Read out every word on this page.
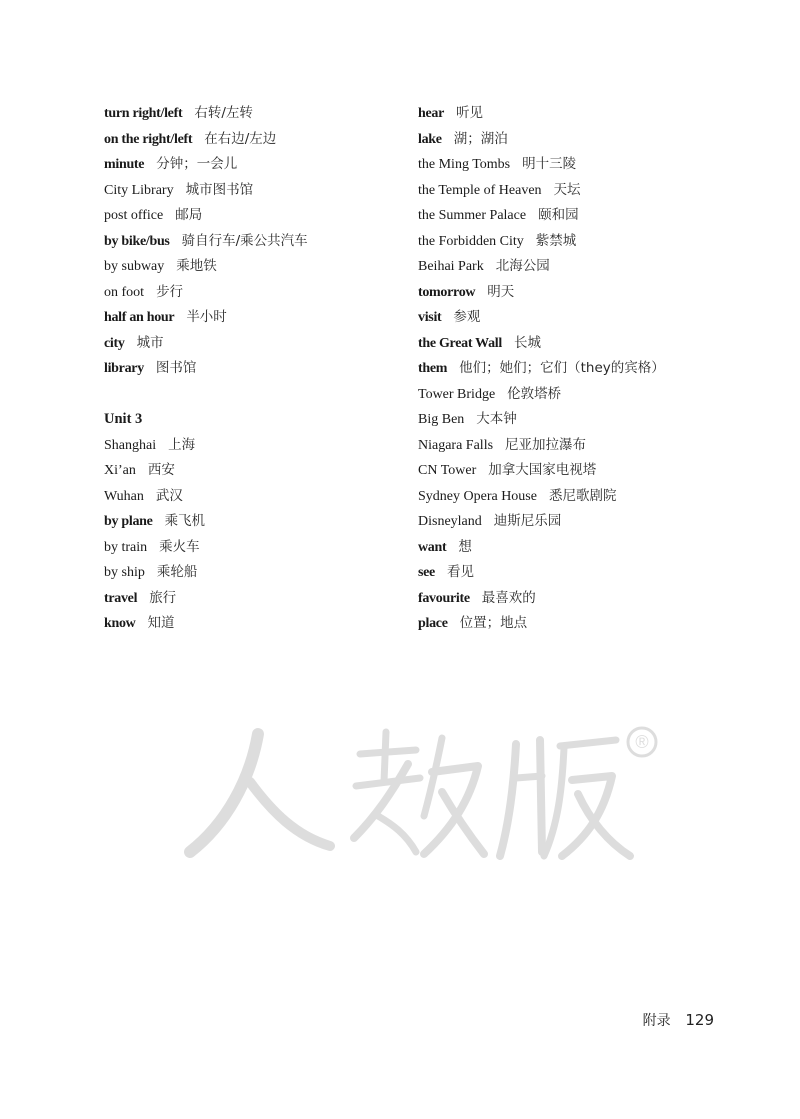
turn right/left 右转/左转
on the right/left 在右边/左边
minute 分钟；一会儿
City Library 城市图书馆
post office 邮局
by bike/bus 骑自行车/乘公共汽车
by subway 乘地铁
on foot 步行
half an hour 半小时
city 城市
library 图书馆
Unit 3
Shanghai 上海
Xi’an 西安
Wuhan 武汉
by plane 乘飞机
by train 乘火车
by ship 乘轮船
travel 旅行
know 知道
hear 听见
lake 湖；湖泊
the Ming Tombs 明十三陵
the Temple of Heaven 天坛
the Summer Palace 颐和园
the Forbidden City 紫禁城
Beihai Park 北海公园
tomorrow 明天
visit 参观
the Great Wall 长城
them 他们；她们；它们（they的宾格）
Tower Bridge 伦敦塔桥
Big Ben 大本钟
Niagara Falls 尼亚加拉瀑布
CN Tower 加拿大国家电视塔
Sydney Opera House 悉尼歌剧院
Disneyland 迪斯尼乐园
want 想
see 看见
favourite 最喜欢的
place 位置；地点
®
附录 129
